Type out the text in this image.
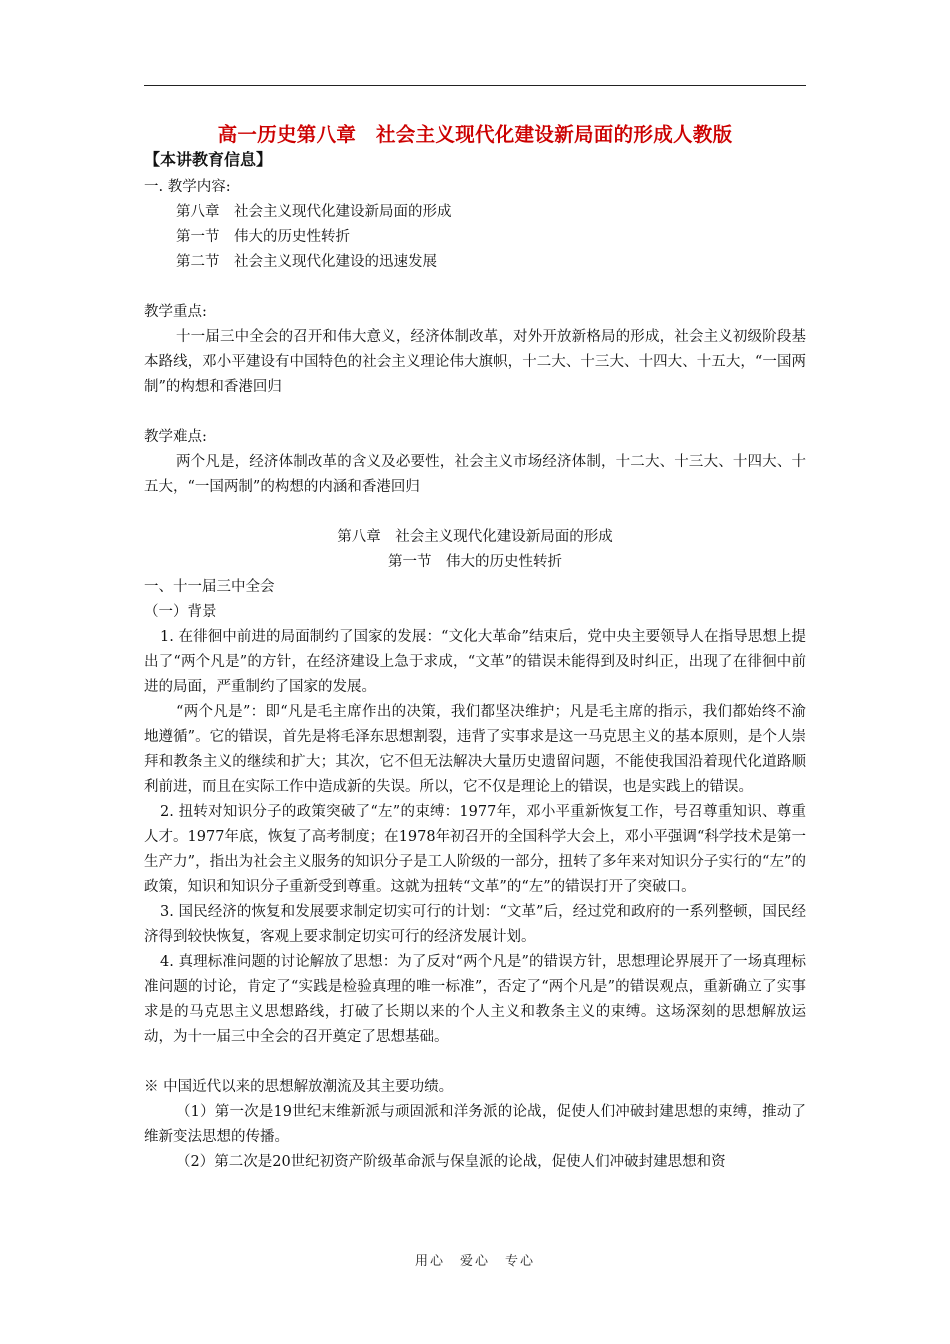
高一历史第八章　社会主义现代化建设新局面的形成人教版
【本讲教育信息】

一. 教学内容:

第八章　社会主义现代化建设新局面的形成

第一节　伟大的历史性转折

第二节　社会主义现代化建设的迅速发展

教学重点:

十一届三中全会的召开和伟大意义，经济体制改革，对外开放新格局的形成，社会主义初级阶段基本路线，邓小平建设有中国特色的社会主义理论伟大旗帜，十二大、十三大、十四大、十五大，“一国两制”的构想和香港回归

教学难点:

两个凡是，经济体制改革的含义及必要性，社会主义市场经济体制，十二大、十三大、十四大、十五大，“一国两制”的构想的内涵和香港回归

第八章　社会主义现代化建设新局面的形成

第一节　伟大的历史性转折

一、十一届三中全会

（一）背景

1. 在徘徊中前进的局面制约了国家的发展：“文化大革命”结束后，党中央主要领导人在指导思想上提出了“两个凡是”的方针，在经济建设上急于求成，“文革”的错误未能得到及时纠正，出现了在徘徊中前进的局面，严重制约了国家的发展。

“两个凡是”：即“凡是毛主席作出的决策，我们都坚决维护；凡是毛主席的指示，我们都始终不渝地遵循”。它的错误，首先是将毛泽东思想割裂，违背了实事求是这一马克思主义的基本原则，是个人崇拜和教条主义的继续和扩大；其次，它不但无法解决大量历史遗留问题，不能使我国沿着现代化道路顺利前进，而且在实际工作中造成新的失误。所以，它不仅是理论上的错误，也是实践上的错误。

2. 扭转对知识分子的政策突破了“左”的束缚：1977年，邓小平重新恢复工作，号召尊重知识、尊重人才。1977年底，恢复了高考制度；在1978年初召开的全国科学大会上，邓小平强调“科学技术是第一生产力”，指出为社会主义服务的知识分子是工人阶级的一部分，扭转了多年来对知识分子实行的“左”的政策，知识和知识分子重新受到尊重。这就为扭转“文革”的“左”的错误打开了突破口。

3. 国民经济的恢复和发展要求制定切实可行的计划：“文革”后，经过党和政府的一系列整顿，国民经济得到较快恢复，客观上要求制定切实可行的经济发展计划。

4. 真理标准问题的讨论解放了思想：为了反对“两个凡是”的错误方针，思想理论界展开了一场真理标准问题的讨论，肯定了“实践是检验真理的唯一标准”，否定了“两个凡是”的错误观点，重新确立了实事求是的马克思主义思想路线，打破了长期以来的个人主义和教条主义的束缚。这场深刻的思想解放运动，为十一届三中全会的召开奠定了思想基础。

※ 中国近代以来的思想解放潮流及其主要功绩。

（1）第一次是19世纪末维新派与顽固派和洋务派的论战，促使人们冲破封建思想的束缚，推动了维新变法思想的传播。

（2）第二次是20世纪初资产阶级革命派与保皇派的论战，促使人们冲破封建思想和资

用心　爱心　专心
